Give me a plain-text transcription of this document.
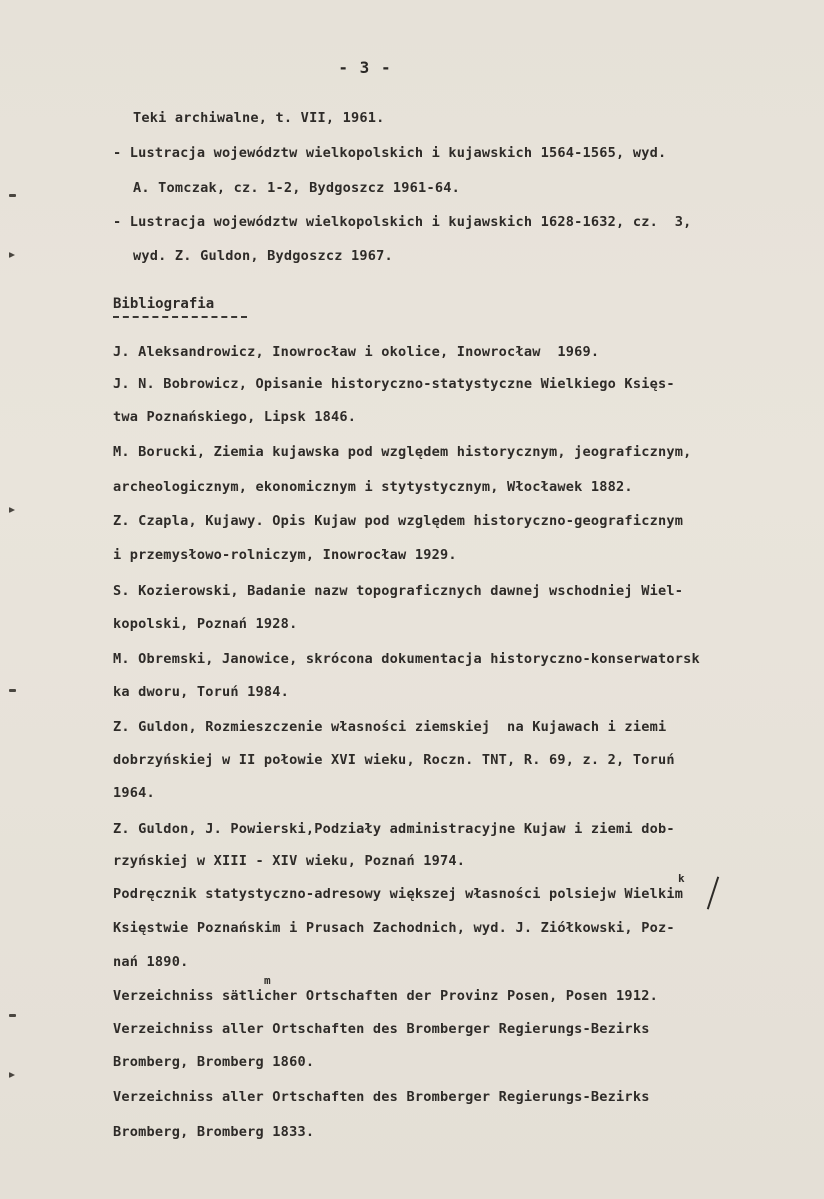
- 3 -
Teki archiwalne, t. VII, 1961.
- Lustracja województw wielkopolskich i kujawskich 1564-1565, wyd.
A. Tomczak, cz. 1-2, Bydgoszcz 1961-64.
- Lustracja województw wielkopolskich i kujawskich 1628-1632, cz.  3,
wyd. Z. Guldon, Bydgoszcz 1967.
Bibliografia
J. Aleksandrowicz, Inowrocław i okolice, Inowrocław  1969.
J. N. Bobrowicz, Opisanie historyczno-statystyczne Wielkiego Księs-
twa Poznańskiego, Lipsk 1846.
M. Borucki, Ziemia kujawska pod względem historycznym, jeograficznym,
archeologicznym, ekonomicznym i stytystycznym, Włocławek 1882.
Z. Czapla, Kujawy. Opis Kujaw pod względem historyczno-geograficznym
i przemysłowo-rolniczym, Inowrocław 1929.
S. Kozierowski, Badanie nazw topograficznych dawnej wschodniej Wiel-
kopolski, Poznań 1928.
M. Obremski, Janowice, skrócona dokumentacja historyczno-konserwatorsk
ka dworu, Toruń 1984.
Z. Guldon, Rozmieszczenie własności ziemskiej  na Kujawach i ziemi
dobrzyńskiej w II połowie XVI wieku, Roczn. TNT, R. 69, z. 2, Toruń
1964.
Z. Guldon, J. Powierski,Podziały administracyjne Kujaw i ziemi dob-
rzyńskiej w XIII - XIV wieku, Poznań 1974.
Podręcznik statystyczno-adresowy większej własności polsiejw Wielkim
Księstwie Poznańskim i Prusach Zachodnich, wyd. J. Ziółkowski, Poz-
nań 1890.
Verzeichniss sätlicher Ortschaften der Provinz Posen, Posen 1912.
Verzeichniss aller Ortschaften des Bromberger Regierungs-Bezirks
Bromberg, Bromberg 1860.
Verzeichniss aller Ortschaften des Bromberger Regierungs-Bezirks
Bromberg, Bromberg 1833.
k
m
